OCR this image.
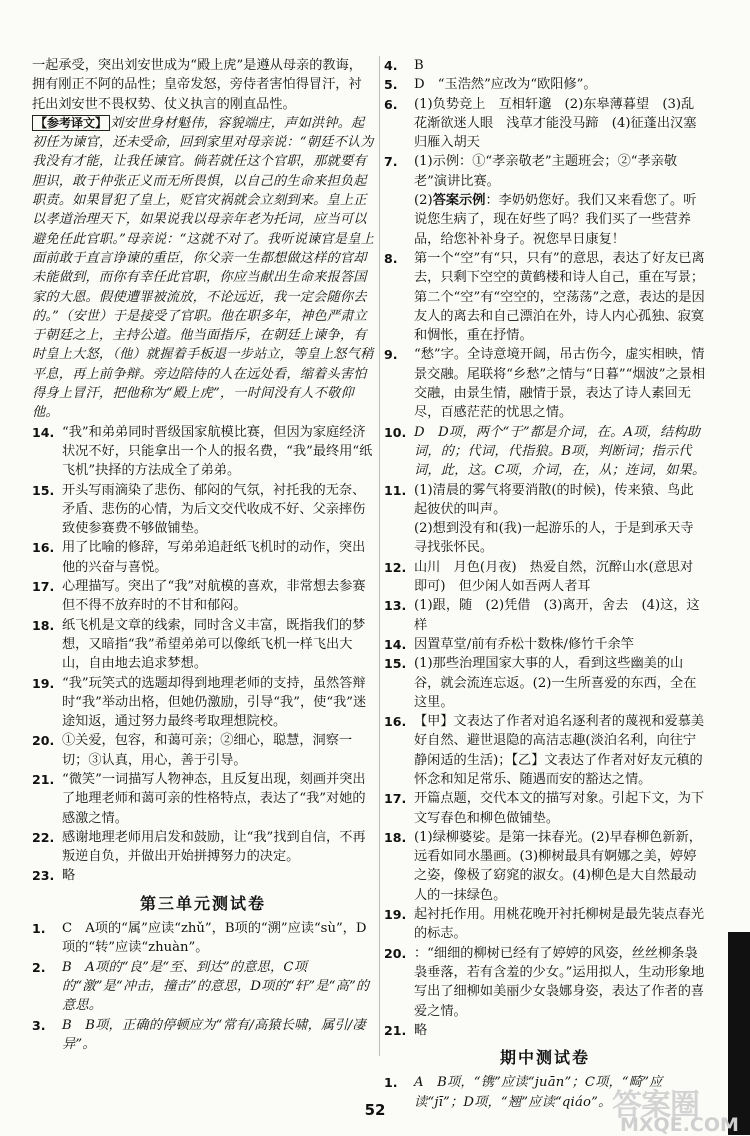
一起承受，突出刘安世成为“殿上虎”是遵从母亲的教诲，拥有刚正不阿的品性；皇帝发怒，旁侍者害怕得冒汗，衬托出刘安世不畏权势、仗义执言的刚直品性。

【参考译文】 刘安世身材魁伟，容貌端庄，声如洪钟。起初任为谏官，还未受命，回到家里对母亲说：“朝廷不认为我没有才能，让我任谏官。倘若就任这个官职，那就要有胆识，敢于仲张正义而无所畏惧，以自己的生命来担负起职责。如果冒犯了皇上，贬官灾祸就会立刻到来。皇上正以孝道治理天下，如果说我以母亲年老为托词，应当可以避免任此官职。”母亲说：“这就不对了。我听说谏官是皇上面前敢于直言诤谏的重臣，你父亲一生都想做这样的官却未能做到，而你有幸任此官职，你应当献出生命来报答国家的大恩。假使遭罪被流放，不论远近，我一定会随你去的。”（安世）于是接受了官职。他在职多年，神色严肃立于朝廷之上，主持公道。他当面指斥，在朝廷上谏争，有时皇上大怒，（他）就握着手板退一步站立，等皇上怒气稍平息，再上前争辩。旁边陪侍的人在远处看，缩着头害怕得身上冒汗，把他称为“殿上虎”，一时间没有人不敬仰他。

14. “我”和弟弟同时晋级国家航模比赛，但因为家庭经济状况不好，只能拿出一个人的报名费，“我”最终用“纸飞机”抉择的方法成全了弟弟。

15. 开头写雨滴染了悲伤、郁闷的气氛，衬托我的无奈、矛盾、悲伤的心情，为后文交代收成不好、父亲摔伤致使参赛费不够做铺垫。

16. 用了比喻的修辞，写弟弟追赶纸飞机时的动作，突出他的兴奋与喜悦。

17. 心理描写。突出了“我”对航模的喜欢，非常想去参赛但不得不放弃时的不甘和郁闷。

18. 纸飞机是文章的线索，同时含义丰富，既指我们的梦想，又暗指“我”希望弟弟可以像纸飞机一样飞出大山，自由地去追求梦想。

19. “我”玩笑式的选题却得到地理老师的支持，虽然答辩时“我”举动出格，但她仍激励，引导“我”，使“我”迷途知返，通过努力最终考取理想院校。

20. ①关爱，包容，和蔼可亲；②细心，聪慧，洞察一切；③认真，用心，善于引导。

21. “微笑”一词描写人物神态，且反复出现，刻画并突出了地理老师和蔼可亲的性格特点，表达了“我”对她的感激之情。

22. 感谢地理老师用启发和鼓励，让“我”找到自信，不再叛逆自负，并做出开始拼搏努力的决定。

23. 略

第三单元测试卷

1. C　A项的“属”应读“zhǔ”，B项的“溯”应读“sù”，D项的“转”应读“zhuàn”。

2. B　A项的“良”是“至、到达”的意思，C项的“激”是“冲击，撞击”的意思，D项的“轩”是“高”的意思。

3. B　B项，正确的停顿应为“常有/高猿长啸，属引/凄异”。

4. B

5. D　“玉浩然”应改为“欧阳修”。

6. (1)负势竞上　互相轩邈　(2)东皋薄暮望　(3)乱花渐欲迷人眼　浅草才能没马蹄　(4)征蓬出汉塞　归雁入胡天

7. (1)示例：①“孝亲敬老”主题班会；②“孝亲敬老”演讲比赛。

(2)答案示例：李奶奶您好。我们又来看您了。听说您生病了，现在好些了吗？我们买了一些营养品，给您补补身子。祝您早日康复！

8. 第一个“空”有“只，只有”的意思，表达了好友已离去，只剩下空空的黄鹤楼和诗人自己，重在写景；第二个“空”有“空空的，空荡荡”之意，表达的是因友人的离去和自己漂泊在外，诗人内心孤独、寂寞和惆怅，重在抒情。

9. “愁”字。全诗意境开阔，吊古伤今，虚实相映，情景交融。尾联将“乡愁”之情与“日暮”“烟波”之景相交融，由景生情，融情于景，表达了诗人素回无尽，百感茫茫的忧思之情。

10. D　D项，两个“于”都是介词，在。A项，结构助词，的；代词，代指狼。B项，判断词；指示代词，此，这。C项，介词，在，从；连词，如果。

11. (1)清晨的雾气将要消散(的时候)，传来猿、鸟此起彼伏的叫声。

(2)想到没有和(我)一起游乐的人，于是到承天寺寻找张怀民。

12. 山川　月色(月夜)　热爱自然，沉醉山水(意思对即可)　但少闲人如吾两人者耳

13. (1)跟，随　(2)凭借　(3)离开，舍去　(4)这，这样

14. 因置草堂/前有乔松十数株/修竹千余竿

15. (1)那些治理国家大事的人，看到这些幽美的山谷，就会流连忘返。(2)一生所喜爱的东西，全在这里。

16. 【甲】文表达了作者对追名逐利者的蔑视和爱慕美好自然、避世退隐的高洁志趣(淡泊名利，向往宁静闲适的生活)；【乙】文表达了作者对好友元稹的怀念和知足常乐、随遇而安的豁达之情。

17. 开篇点题，交代本文的描写对象。引起下文，为下文写春色和柳色做铺垫。

18. (1)绿柳婆娑。是第一抹春光。(2)早春柳色新新，远看如同水墨画。(3)柳树最具有婀娜之美，婷婷之姿，像极了窈窕的淑女。(4)柳色是大自然最动人的一抹绿色。

19. 起衬托作用。用桃花晚开衬托柳树是最先装点春光的标志。

20. ：“细细的柳树已经有了婷婷的风姿，丝丝柳条袅袅垂落，若有含羞的少女。”运用拟人，生动形象地写出了细柳如美丽少女袅娜身姿，表达了作者的喜爱之情。

21. 略

期中测试卷

1. A　B项，“镌”应读“juān”；C项，“畸”应读“jī”；D项，“翘”应读“qiáo”。

52	答案圈
MXQE.COM
